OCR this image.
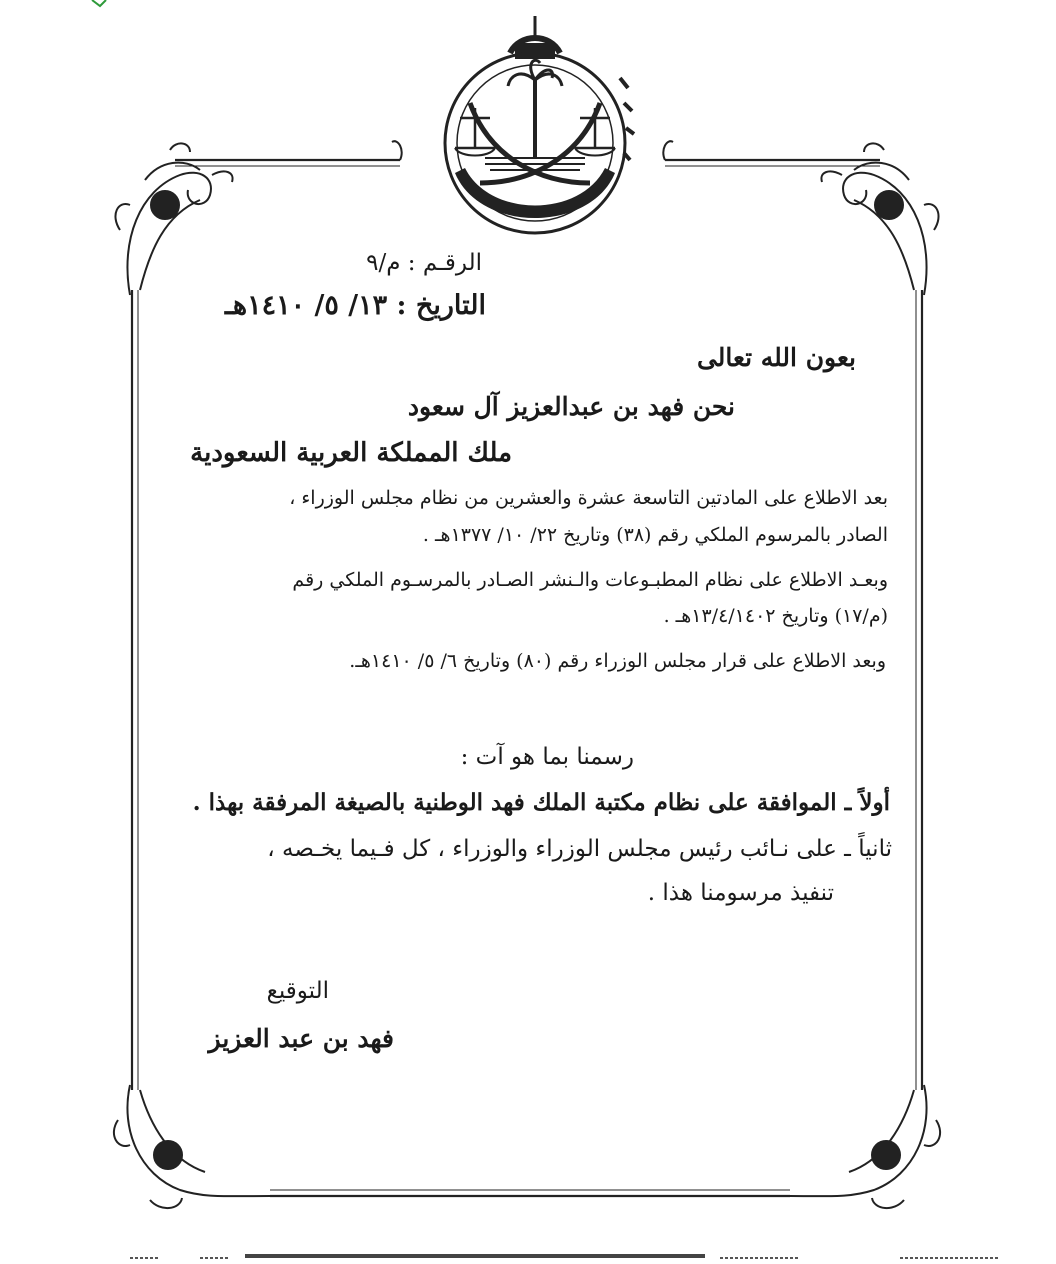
الرقـم : م/٩
التاريخ : ١٣/ ٥/ ١٤١٠هـ
بعون الله تعالى
نحن فهد بن عبدالعزيز آل سعود
ملك المملكة العربية السعودية
بعد الاطلاع على المادتين التاسعة عشرة والعشرين من نظام مجلس الوزراء ،
الصادر بالمرسوم الملكي رقم (٣٨) وتاريخ ٢٢/ ١٠/ ١٣٧٧هـ .
وبعـد الاطلاع على نظام المطبـوعات والـنشر الصـادر بالمرسـوم الملكي رقم
(م/١٧) وتاريخ ١٣/٤/١٤٠٢هـ .
وبعد الاطلاع على قرار مجلس الوزراء رقم (٨٠) وتاريخ ٦/ ٥/ ١٤١٠هـ.
رسمنا بما هو آت :
أولاً ـ الموافقة على نظام مكتبة الملك فهد الوطنية بالصيغة المرفقة بهذا .
ثانياً ـ على نـائب رئيس مجلس الوزراء والوزراء ، كل فـيما يخـصه ،
تنفيذ مرسومنا هذا .
التوقيع
فهد بن عبد العزيز
